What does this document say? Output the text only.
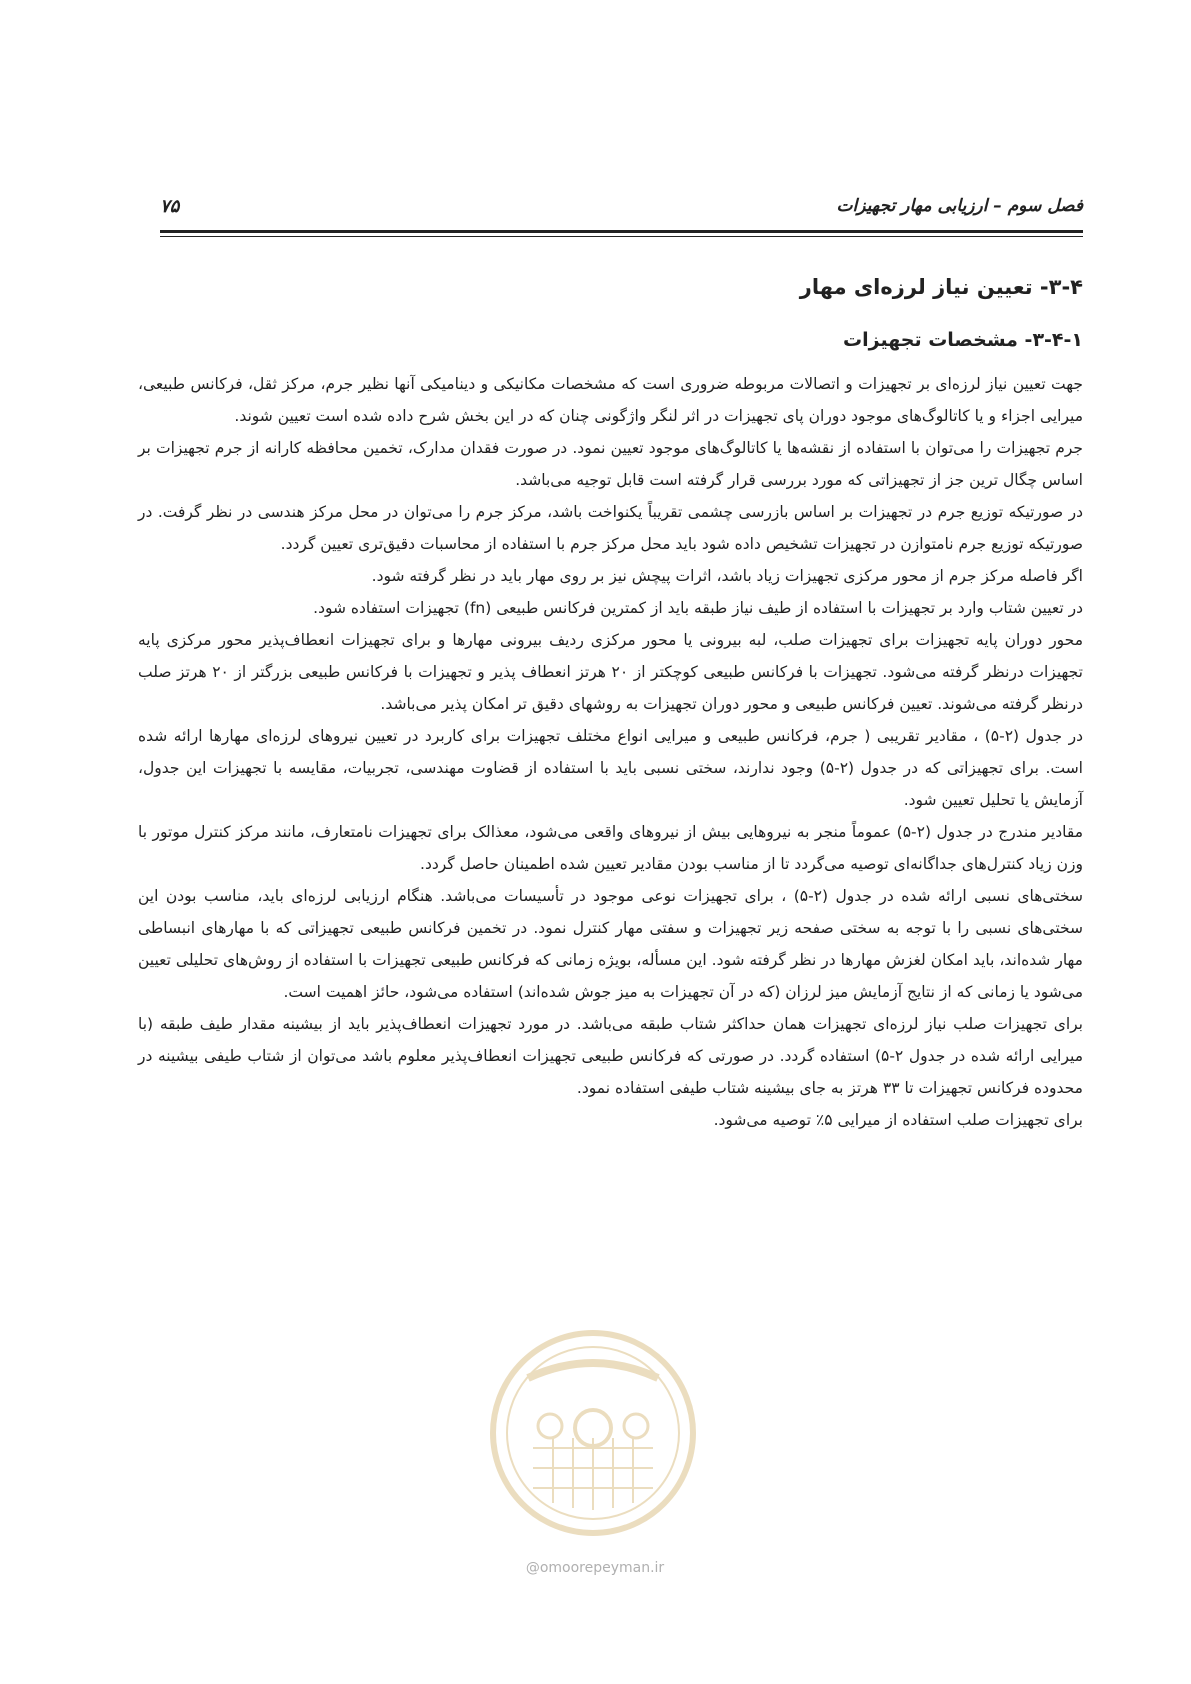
فصل سوم – ارزیابی مهار تجهیزات
۷۵
۳-۴- تعیین نیاز لرزه‌ای مهار
۳-۴-۱- مشخصات تجهیزات

جهت تعیین نیاز لرزه‌ای بر تجهیزات و اتصالات مربوطه ضروری است که مشخصات مکانیکی و دینامیکی آنها نظیر جرم، مرکز ثقل، فرکانس طبیعی، میرایی اجزاء و یا کاتالوگ‌های موجود دوران پای تجهیزات در اثر لنگر واژگونی چنان که در این بخش شرح داده شده است تعیین شوند.

جرم تجهیزات را می‌توان با استفاده از نقشه‌ها یا کاتالوگ‌های موجود تعیین نمود. در صورت فقدان مدارک، تخمین محافظه کارانه از جرم تجهیزات بر اساس چگال ترین جز از تجهیزاتی که مورد بررسی قرار گرفته است قابل توجیه می‌باشد.

در صورتیکه توزیع جرم در تجهیزات بر اساس بازرسی چشمی تقریباً یکنواخت باشد، مرکز جرم را می‌توان در محل مرکز هندسی در نظر گرفت. در صورتیکه توزیع جرم نامتوازن در تجهیزات تشخیص داده شود باید محل مرکز جرم با استفاده از محاسبات دقیق‌تری تعیین گردد.

اگر فاصله مرکز جرم از محور مرکزی تجهیزات زیاد باشد، اثرات پیچش نیز بر روی مهار باید در نظر گرفته شود.

در تعیین شتاب وارد بر تجهیزات با استفاده از طیف نیاز طبقه باید از کمترین فرکانس طبیعی (fn) تجهیزات استفاده شود.

محور دوران پایه تجهیزات برای تجهیزات صلب، لبه بیرونی یا محور مرکزی ردیف بیرونی مهارها و برای تجهیزات انعطاف‌پذیر محور مرکزی پایه تجهیزات درنظر گرفته می‌شود. تجهیزات با فرکانس طبیعی کوچکتر از ۲۰ هرتز انعطاف پذیر و تجهیزات با فرکانس طبیعی بزرگتر از ۲۰ هرتز صلب درنظر گرفته می‌شوند. تعیین فرکانس طبیعی و محور دوران تجهیزات به روشهای دقیق تر امکان پذیر می‌باشد.

در جدول (۲-۵) ، مقادیر تقریبی ( جرم، فرکانس طبیعی و میرایی انواع مختلف تجهیزات برای کاربرد در تعیین نیروهای لرزه‌ای مهارها ارائه شده است. برای تجهیزاتی که در جدول (۲-۵) وجود ندارند، سختی نسبی باید با استفاده از قضاوت مهندسی، تجربیات، مقایسه با تجهیزات این جدول، آزمایش یا تحلیل تعیین شود.

مقادیر مندرج در جدول (۲-۵) عموماً منجر به نیروهایی بیش از نیروهای واقعی می‌شود، معذالک برای تجهیزات نامتعارف، مانند مرکز کنترل موتور با وزن زیاد کنترل‌های جداگانه‌ای توصیه می‌گردد تا از مناسب بودن مقادیر تعیین شده اطمینان حاصل گردد.

سختی‌های نسبی ارائه شده در جدول (۲-۵) ، برای تجهیزات نوعی موجود در تأسیسات می‌باشد. هنگام ارزیابی لرزه‌ای باید، مناسب بودن این سختی‌های نسبی را با توجه به سختی صفحه زیر تجهیزات و سفتی مهار کنترل نمود. در تخمین فرکانس طبیعی تجهیزاتی که با مهارهای انبساطی مهار شده‌اند، باید امکان لغزش مهارها در نظر گرفته شود. این مسأله، بویژه زمانی که فرکانس طبیعی تجهیزات با استفاده از روش‌های تحلیلی تعیین می‌شود یا زمانی که از نتایج آزمایش میز لرزان (که در آن تجهیزات به میز جوش شده‌اند) استفاده می‌شود، حائز اهمیت است.

برای تجهیزات صلب نیاز لرزه‌ای تجهیزات همان حداکثر شتاب طبقه می‌باشد. در مورد تجهیزات انعطاف‌پذیر باید از بیشینه مقدار طیف طبقه (با میرایی ارائه شده در جدول ۲-۵) استفاده گردد. در صورتی که فرکانس طبیعی تجهیزات انعطاف‌پذیر معلوم باشد می‌توان از شتاب طیفی بیشینه در محدوده فرکانس تجهیزات تا ۳۳ هرتز به جای بیشینه شتاب طیفی استفاده نمود.

برای تجهیزات صلب استفاده از میرایی ۵٪ توصیه می‌شود.

@omoorepeyman.ir
